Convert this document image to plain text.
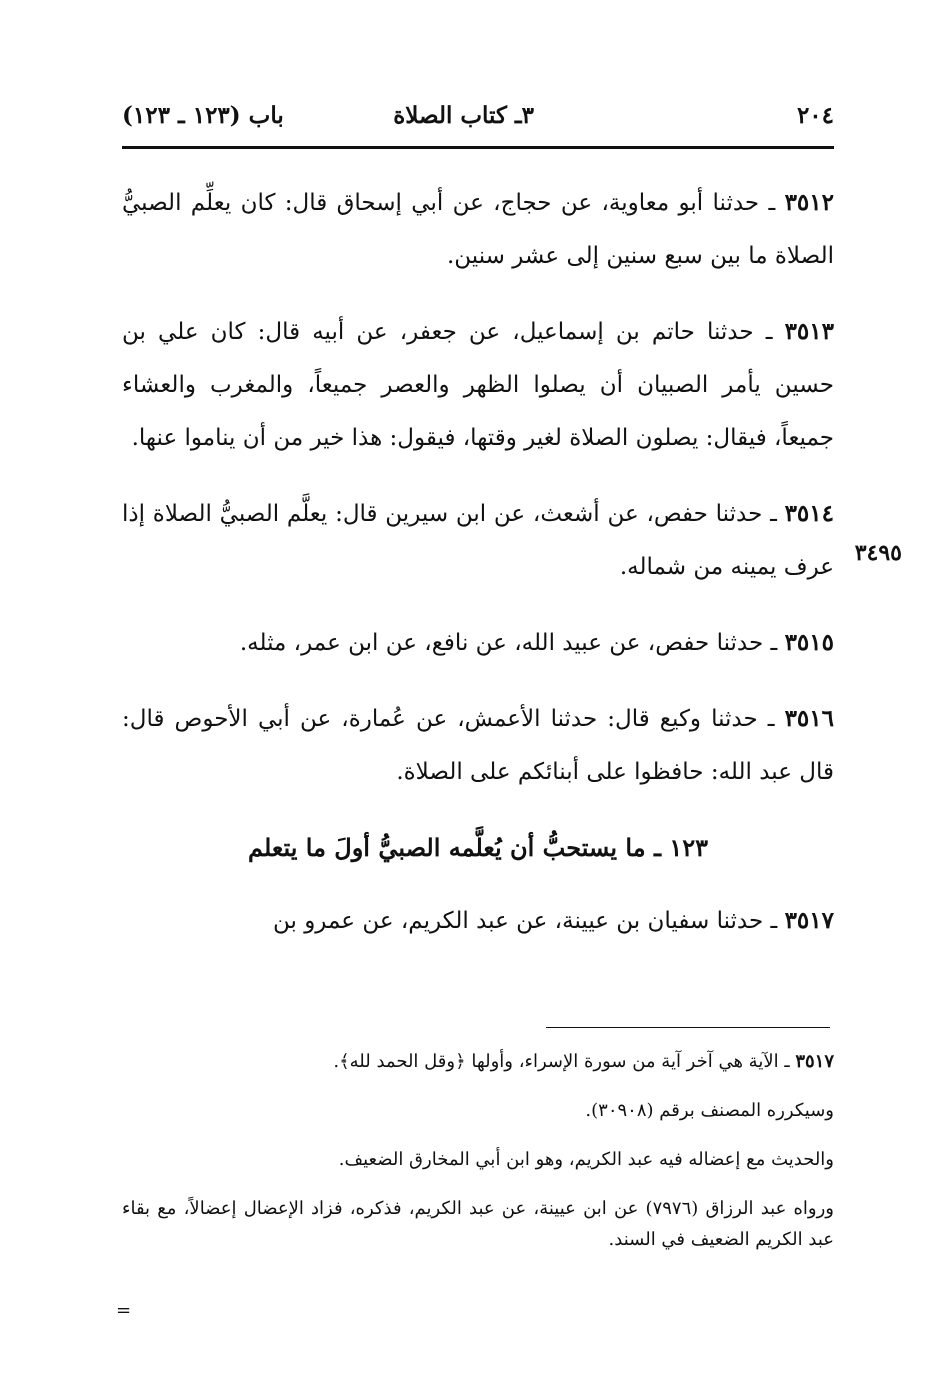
٢٠٤
٣ـ كتاب الصلاة
باب (١٢٣ ـ ١٢٣)
٣٤٩٥

٣٥١٢ ـ حدثنا أبو معاوية، عن حجاج، عن أبي إسحاق قال: كان يعلِّم الصبيُّ الصلاة ما بين سبع سنين إلى عشر سنين.

٣٥١٣ ـ حدثنا حاتم بن إسماعيل، عن جعفر، عن أبيه قال: كان علي بن حسين يأمر الصبيان أن يصلوا الظهر والعصر جميعاً، والمغرب والعشاء جميعاً، فيقال: يصلون الصلاة لغير وقتها، فيقول: هذا خير من أن يناموا عنها.

٣٥١٤ ـ حدثنا حفص، عن أشعث، عن ابن سيرين قال: يعلَّم الصبيُّ الصلاة إذا عرف يمينه من شماله.

٣٥١٥ ـ حدثنا حفص، عن عبيد الله، عن نافع، عن ابن عمر، مثله.

٣٥١٦ ـ حدثنا وكيع قال: حدثنا الأعمش، عن عُمارة، عن أبي الأحوص قال: قال عبد الله: حافظوا على أبنائكم على الصلاة.

١٢٣ ـ ما يستحبُّ أن يُعلَّمه الصبيُّ أولَ ما يتعلم

٣٥١٧ ـ حدثنا سفيان بن عيينة، عن عبد الكريم، عن عمرو بن

٣٥١٧ ـ الآية هي آخر آية من سورة الإسراء، وأولها ﴿وقل الحمد لله﴾.

وسيكرره المصنف برقم (٣٠٩٠٨).

والحديث مع إعضاله فيه عبد الكريم، وهو ابن أبي المخارق الضعيف.

ورواه عبد الرزاق (٧٩٧٦) عن ابن عيينة، عن عبد الكريم، فذكره، فزاد الإعضال إعضالاً، مع بقاء عبد الكريم الضعيف في السند.

=
